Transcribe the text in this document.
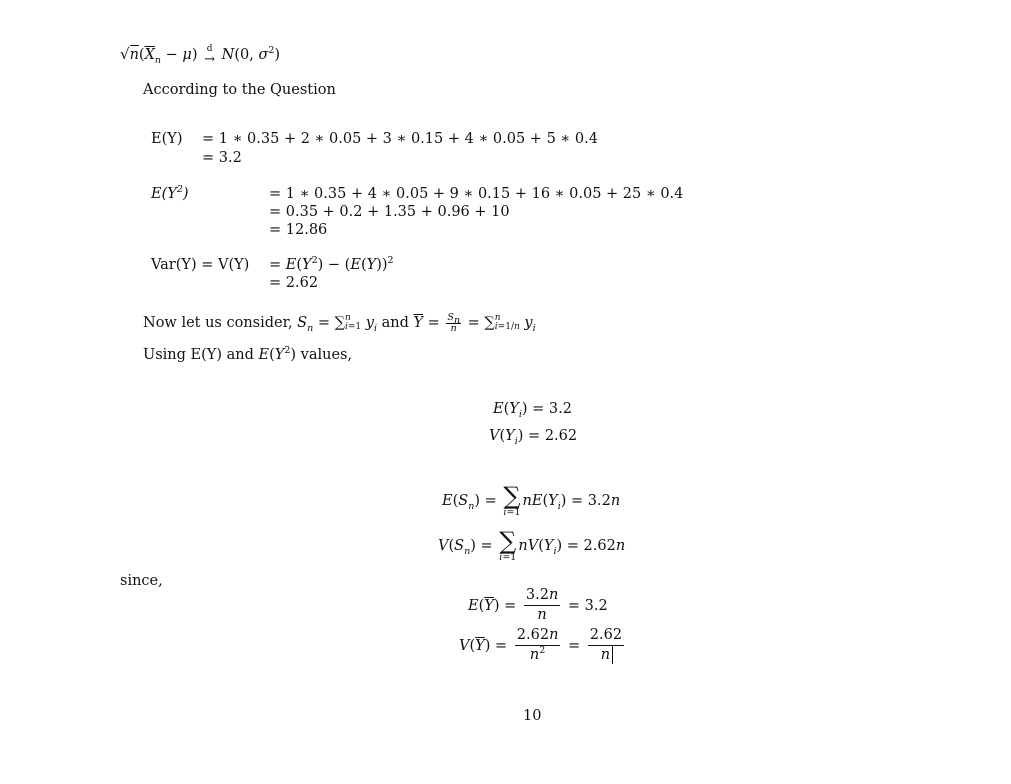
$√n(\overline{X}_n - \mu)$ d
→ N(0, $\sigma^2$)
According to the Question
E(Y) = 1 ∗ 0.35 + 2 ∗ 0.05 + 3 ∗ 0.15 + 4 ∗ 0.05 + 5 ∗ 0.4
= 3.2
$E(Y^2)$	= 1 ∗ 0.35 + 4 ∗ 0.05 + 9 ∗ 0.15 + 16 ∗ 0.05 + 25 ∗ 0.4
= 0.35 + 0.2 + 1.35 + 0.96 + 10
= 12.86
$Var(Y) = V(Y) = E(Y^2) - (E(Y))^2$
= 2.62
Now let us consider, $S_n$ = ∑ n
i=1 $y_i$ and $\overline{Y} = \frac{S_n}{n}$ = ∑ n
i=1/n $y_i$
Using E(Y) and $E(Y^2)$ values,
$E(Y_i) = 3.2$
$V(Y_i) = 2.62$
$E(S_n)$ = ∑
i=1
$nE(Y_i) = 3.2n$
$V(S_n)$ = ∑
i=1
$nV(Y_i) = 2.62n$
since,
$E(\overline{Y}) = \frac{3.2n}{n} = 3.2$
$V(\overline{Y}) = \frac{2.62n}{n^2} = \frac{2.62}{n}$
10
